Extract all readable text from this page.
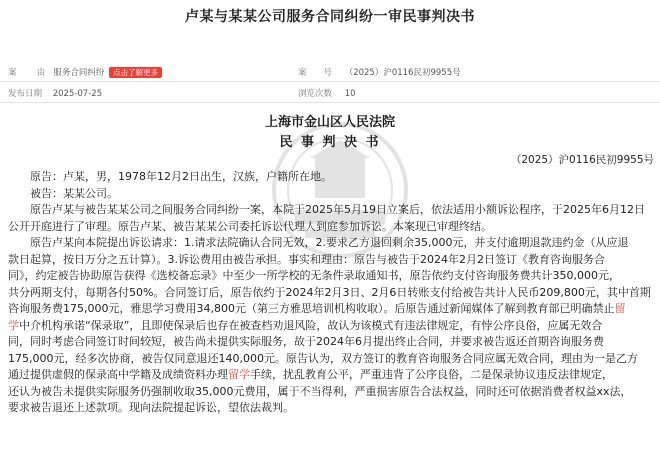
卢某与某某公司服务合同纠纷一审民事判决书
案 由 服务合同纠纷 点击了解更多	案　　号 （2025）沪0116民初9955号
发布日期 2025-07-25	浏览次数 10
上海市金山区人民法院
民 事 判 决 书
（2025）沪0116民初9955号
　　原告：卢某，男，1978年12月2日出生，汉族，户籍所在地。
　　被告：某某公司。
　　原告卢某与被告某某公司之间服务合同纠纷一案，本院于2025年5月19日立案后，依法适用小额诉讼程序，于2025年6月12日
公开开庭进行了审理。原告卢某、被告某某公司委托诉讼代理人到庭参加诉讼。本案现已审理终结。
　　原告卢某向本院提出诉讼请求：1.请求法院确认合同无效，2.要求乙方退回剩余35,000元，并支付逾期退款违约金（从应退
款日起算，按日万分之五计算）。3.诉讼费用由被告承担。事实和理由：原告与被告于2024年2月2日签订《教育咨询服务合
同》，约定被告协助原告获得《选校备忘录》中至少一所学校的无条件录取通知书，原告依约支付咨询服务费共计350,000元，
共分两期支付，每期各付50%。合同签订后，原告依约于2024年2月3日、2月6日转账支付给被告共计人民币209,800元，其中首期
咨询服务费175,000元，雅思学习费用34,800元（第三方雅思培训机构收取）。后原告通过新闻媒体了解到教育部已明确禁止留
学中介机构承诺“保录取”，且即使保录后也存在被查档劝退风险，故认为该模式有违法律规定，有悖公序良俗，应属无效合
同，同时考虑合同签订时间较短，被告尚未提供实际服务，故于2024年6月提出终止合同，并要求被告返还首期咨询服务费
175,000元，经多次协商，被告仅同意退还140,000元。原告认为，双方签订的教育咨询服务合同应属无效合同，理由为一是乙方
通过提供虚假的保录高中学籍及成绩资料办理留学手续，扰乱教育公平，严重违背了公序良俗，二是保录协议违反法律规定，
还认为被告未提供实际服务仍强制收取35,000元费用，属于不当得利，严重损害原告合法权益，同时还可依据消费者权益xx法，
要求被告退还上述款项。现向法院提起诉讼，望依法裁判。
